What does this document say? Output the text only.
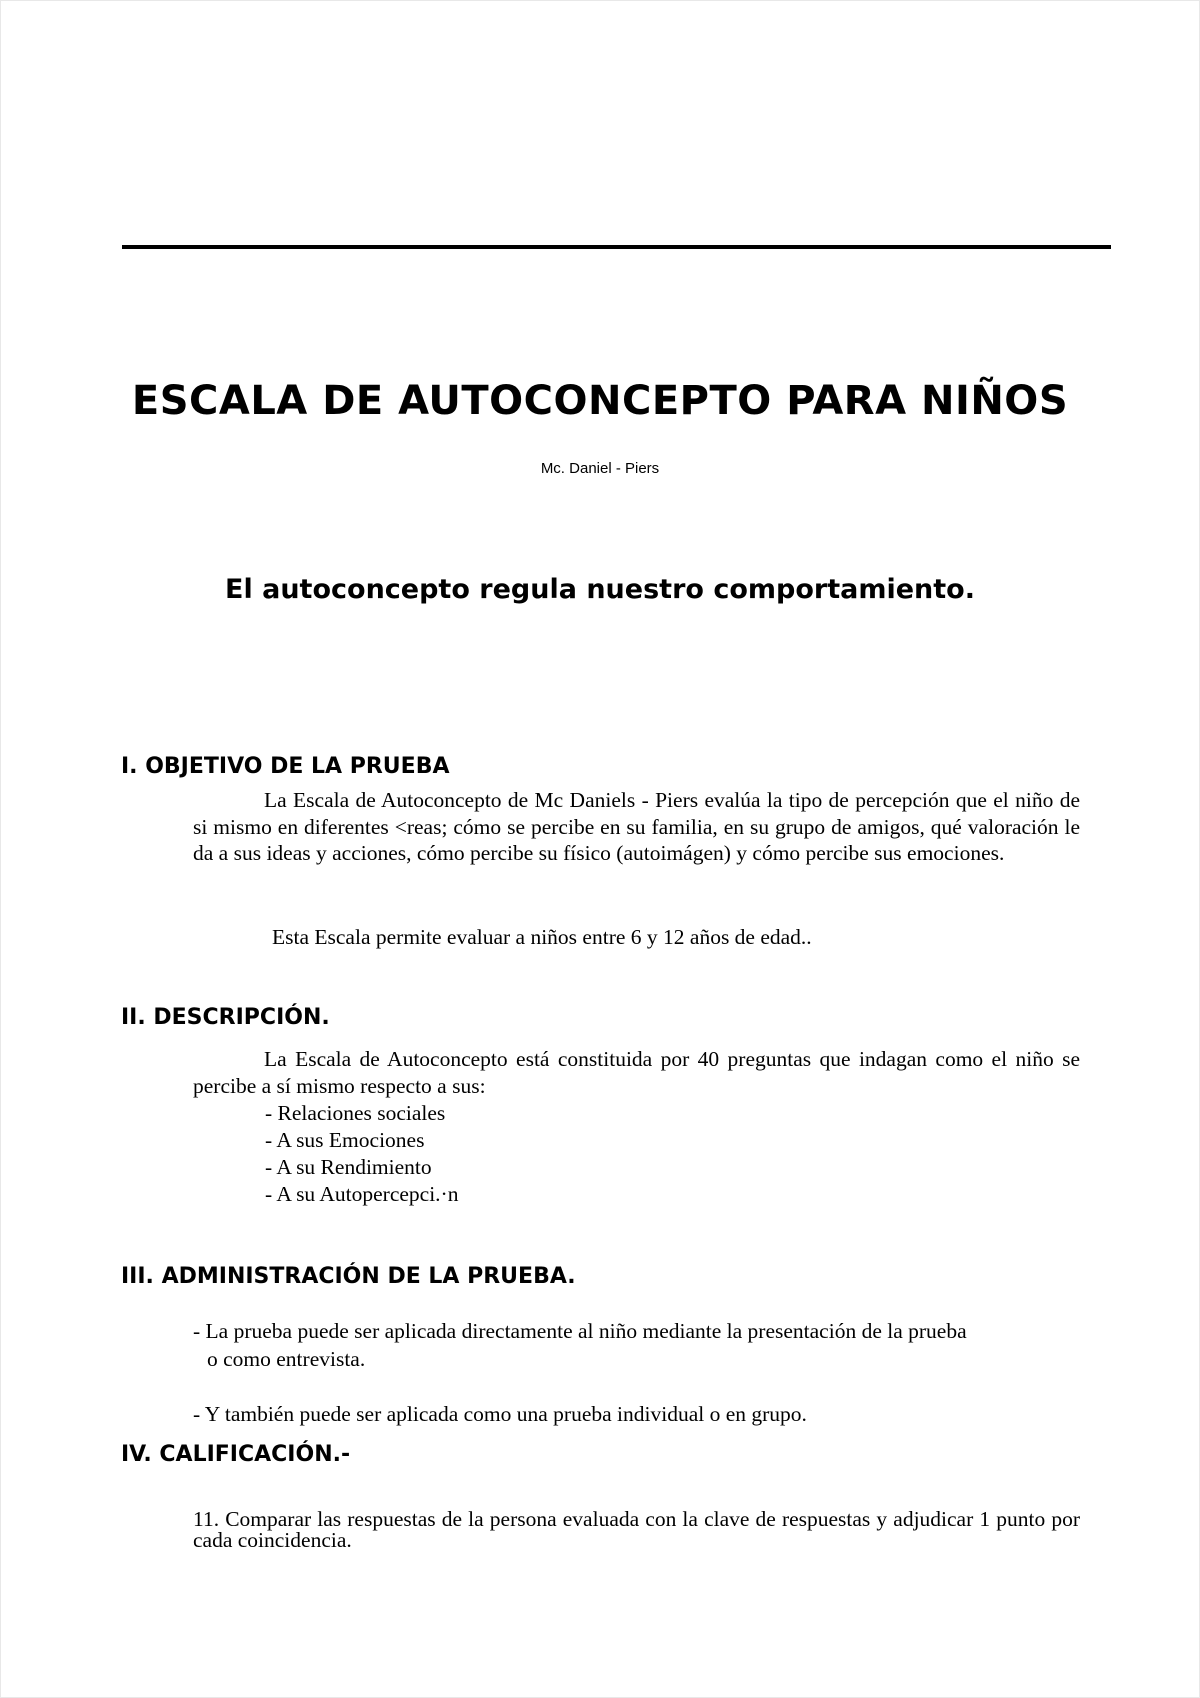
ESCALA DE AUTOCONCEPTO PARA NIÑOS
Mc. Daniel - Piers
El autoconcepto regula nuestro comportamiento.
I. OBJETIVO DE LA PRUEBA

La Escala de Autoconcepto de Mc Daniels - Piers evalúa la tipo de percepción que el niño de si mismo en diferentes <reas; cómo se percibe en su familia, en su grupo de amigos, qué valoración le da a sus ideas y acciones, cómo percibe su físico (autoimágen) y cómo percibe sus emociones.

Esta Escala permite evaluar a niños entre 6 y 12 años de edad..

II. DESCRIPCIÓN.

La Escala de Autoconcepto está constituida por 40 preguntas que indagan como el niño se percibe a sí mismo respecto a sus:

- Relaciones sociales
- A sus Emociones
- A su Rendimiento
- A su Autopercepci.·n
III. ADMINISTRACIÓN DE LA PRUEBA.

- La prueba puede ser aplicada directamente al niño mediante la presentación de la prueba

o como entrevista.

- Y también puede ser aplicada como una prueba individual o en grupo.

IV. CALIFICACIÓN.-

11. Comparar las respuestas de la persona evaluada con la clave de respuestas y adjudicar 1 punto por cada coincidencia.
